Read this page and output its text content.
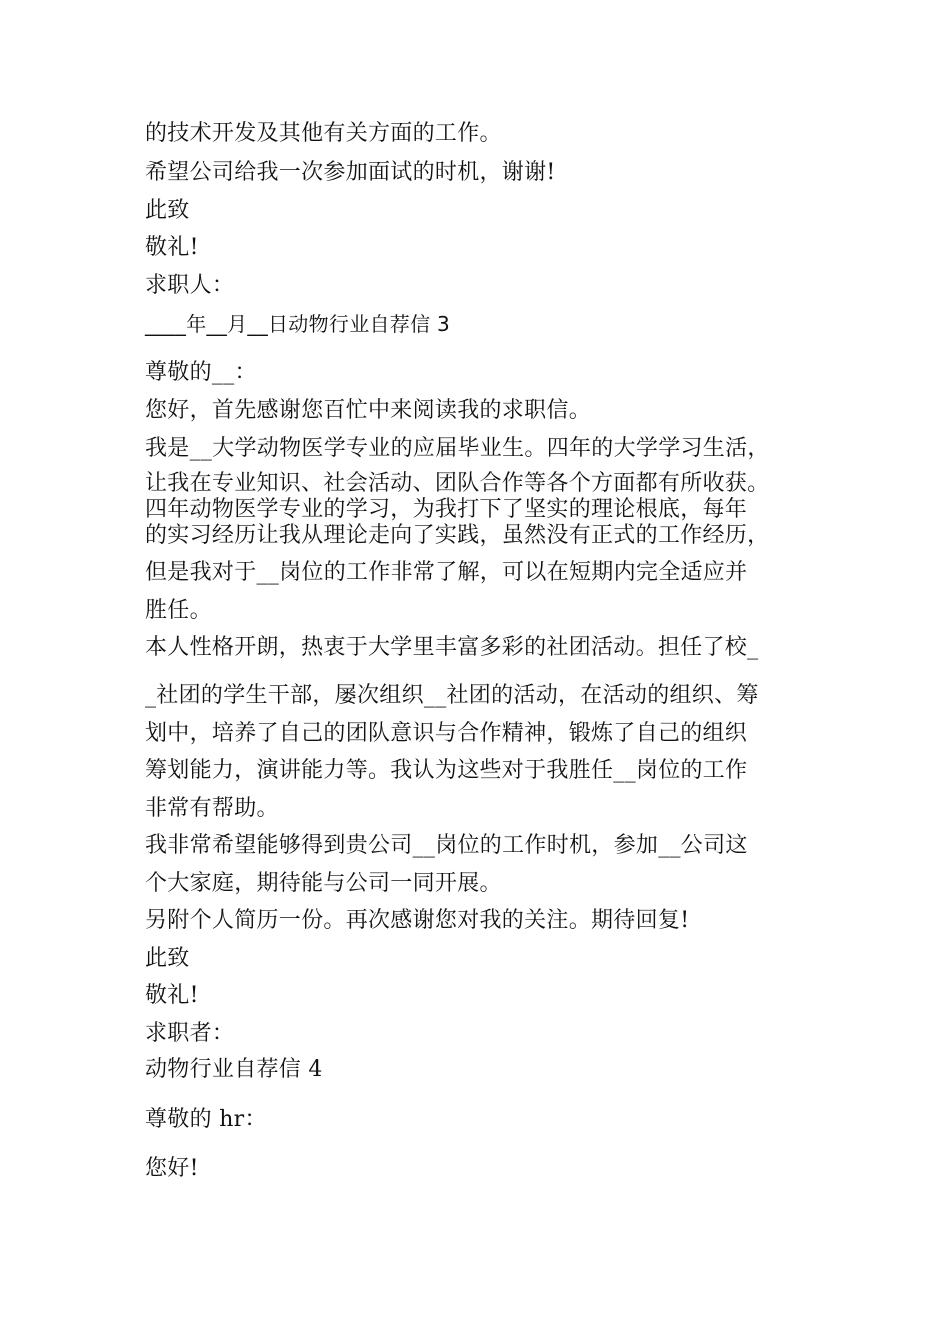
的技术开发及其他有关方面的工作。
希望公司给我一次参加面试的时机，谢谢!
此致
敬礼!
求职人：
____年__月__日动物行业自荐信 3
尊敬的__：
您好，首先感谢您百忙中来阅读我的求职信。
我是__大学动物医学专业的应届毕业生。四年的大学学习生活，
让我在专业知识、社会活动、团队合作等各个方面都有所收获。
四年动物医学专业的学习，为我打下了坚实的理论根底，每年
的实习经历让我从理论走向了实践，虽然没有正式的工作经历，
但是我对于__岗位的工作非常了解，可以在短期内完全适应并
胜任。
本人性格开朗，热衷于大学里丰富多彩的社团活动。担任了校_
_社团的学生干部，屡次组织__社团的活动，在活动的组织、筹
划中，培养了自己的团队意识与合作精神，锻炼了自己的组织
筹划能力，演讲能力等。我认为这些对于我胜任__岗位的工作
非常有帮助。
我非常希望能够得到贵公司__岗位的工作时机，参加__公司这
个大家庭，期待能与公司一同开展。
另附个人简历一份。再次感谢您对我的关注。期待回复!
此致
敬礼!
求职者：
动物行业自荐信 4
尊敬的 hr：
您好!
